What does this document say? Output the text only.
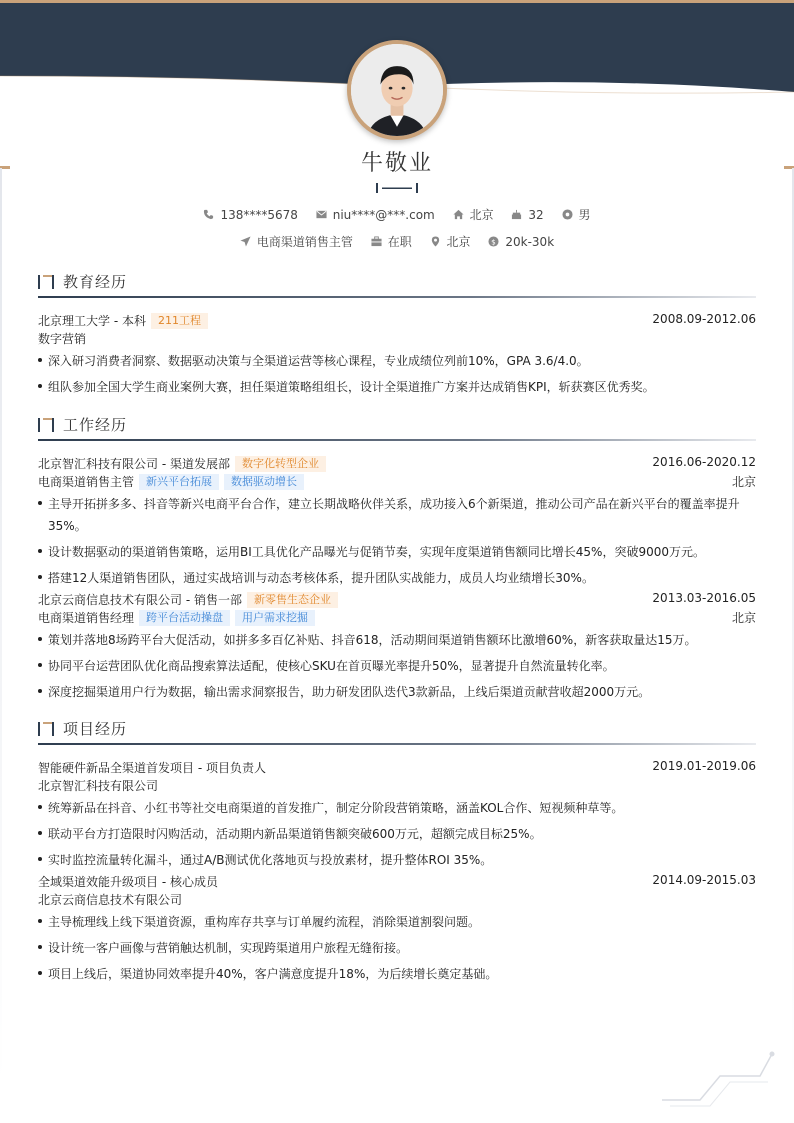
牛敬业
138****5678	niu****@***.com	北京	32	男
电商渠道销售主管	在职	北京	$ 20k-30k
教育经历
北京理工大学 - 本科 211工程	2008.09-2012.06
数字营销
深入研习消费者洞察、数据驱动决策与全渠道运营等核心课程，专业成绩位列前10%，GPA 3.6/4.0。
组队参加全国大学生商业案例大赛，担任渠道策略组组长，设计全渠道推广方案并达成销售KPI，斩获赛区优秀奖。
工作经历
北京智汇科技有限公司 - 渠道发展部 数字化转型企业	2016.06-2020.12
电商渠道销售主管 新兴平台拓展 数据驱动增长	北京
主导开拓拼多多、抖音等新兴电商平台合作，建立长期战略伙伴关系，成功接入6个新渠道，推动公司产品在新兴平台的覆盖率提升35%。
设计数据驱动的渠道销售策略，运用BI工具优化产品曝光与促销节奏，实现年度渠道销售额同比增长45%，突破9000万元。
搭建12人渠道销售团队，通过实战培训与动态考核体系，提升团队实战能力，成员人均业绩增长30%。
北京云商信息技术有限公司 - 销售一部 新零售生态企业	2013.03-2016.05
电商渠道销售经理 跨平台活动操盘 用户需求挖掘	北京
策划并落地8场跨平台大促活动，如拼多多百亿补贴、抖音618，活动期间渠道销售额环比激增60%，新客获取量达15万。
协同平台运营团队优化商品搜索算法适配，使核心SKU在首页曝光率提升50%，显著提升自然流量转化率。
深度挖掘渠道用户行为数据，输出需求洞察报告，助力研发团队迭代3款新品，上线后渠道贡献营收超2000万元。
项目经历
智能硬件新品全渠道首发项目 - 项目负责人	2019.01-2019.06
北京智汇科技有限公司
统筹新品在抖音、小红书等社交电商渠道的首发推广，制定分阶段营销策略，涵盖KOL合作、短视频种草等。
联动平台方打造限时闪购活动，活动期内新品渠道销售额突破600万元，超额完成目标25%。
实时监控流量转化漏斗，通过A/B测试优化落地页与投放素材，提升整体ROI 35%。
全域渠道效能升级项目 - 核心成员	2014.09-2015.03
北京云商信息技术有限公司
主导梳理线上线下渠道资源，重构库存共享与订单履约流程，消除渠道割裂问题。
设计统一客户画像与营销触达机制，实现跨渠道用户旅程无缝衔接。
项目上线后，渠道协同效率提升40%，客户满意度提升18%，为后续增长奠定基础。
